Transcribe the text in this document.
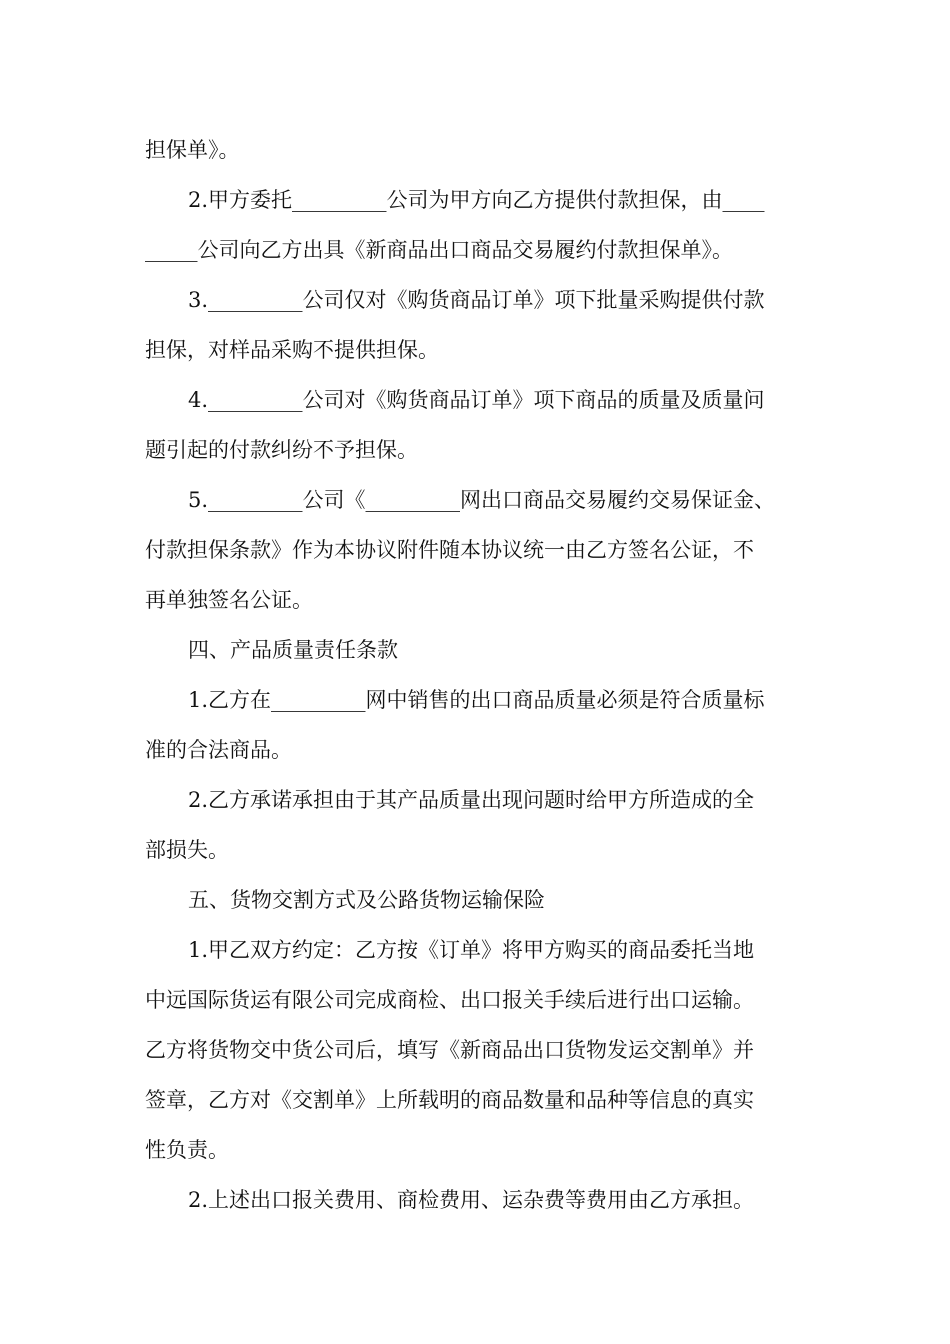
担保单》。
2.甲方委托_________公司为甲方向乙方提供付款担保，由____
_____公司向乙方出具《新商品出口商品交易履约付款担保单》。
3._________公司仅对《购货商品订单》项下批量采购提供付款
担保，对样品采购不提供担保。
4._________公司对《购货商品订单》项下商品的质量及质量问
题引起的付款纠纷不予担保。
5._________公司《_________网出口商品交易履约交易保证金、
付款担保条款》作为本协议附件随本协议统一由乙方签名公证，不
再单独签名公证。
四、产品质量责任条款
1.乙方在_________网中销售的出口商品质量必须是符合质量标
准的合法商品。
2.乙方承诺承担由于其产品质量出现问题时给甲方所造成的全
部损失。
五、货物交割方式及公路货物运输保险
1.甲乙双方约定：乙方按《订单》将甲方购买的商品委托当地
中远国际货运有限公司完成商检、出口报关手续后进行出口运输。
乙方将货物交中货公司后，填写《新商品出口货物发运交割单》并
签章，乙方对《交割单》上所载明的商品数量和品种等信息的真实
性负责。
2.上述出口报关费用、商检费用、运杂费等费用由乙方承担。
